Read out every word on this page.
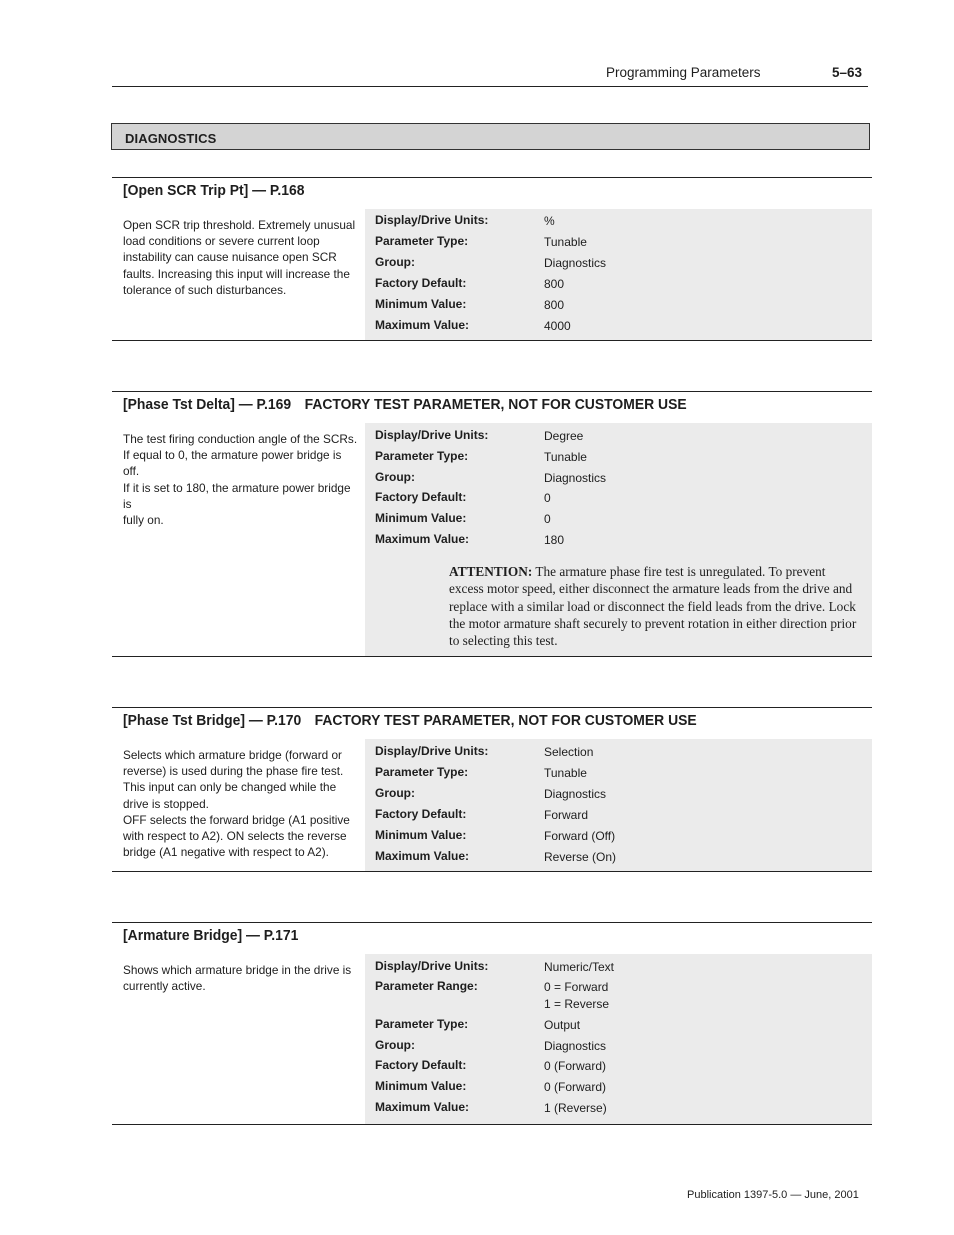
Programming Parameters	5–63
DIAGNOSTICS
[Open SCR Trip Pt] — P.168
Open SCR trip threshold. Extremely unusual
load conditions or severe current loop
instability can cause nuisance open SCR
faults. Increasing this input will increase the
tolerance of such disturbances.
Display/Drive Units:	%
Parameter Type:	Tunable
Group:	Diagnostics
Factory Default:	800
Minimum Value:	800
Maximum Value:	4000
[Phase Tst Delta] — P.169 FACTORY TEST PARAMETER, NOT FOR CUSTOMER USE
The test firing conduction angle of the SCRs.
If equal to 0, the armature power bridge is off.
If it is set to 180, the armature power bridge is
fully on.
Display/Drive Units:	Degree
Parameter Type:	Tunable
Group:	Diagnostics
Factory Default:	0
Minimum Value:	0
Maximum Value:	180
ATTENTION: The armature phase fire test is unregulated. To prevent excess motor speed, either disconnect the armature leads from the drive and replace with a similar load or disconnect the field leads from the drive. Lock the motor armature shaft securely to prevent rotation in either direction prior to selecting this test.
[Phase Tst Bridge] — P.170 FACTORY TEST PARAMETER, NOT FOR CUSTOMER USE
Selects which armature bridge (forward or
reverse) is used during the phase fire test.
This input can only be changed while the
drive is stopped.
OFF selects the forward bridge (A1 positive
with respect to A2). ON selects the reverse
bridge (A1 negative with respect to A2).
Display/Drive Units:	Selection
Parameter Type:	Tunable
Group:	Diagnostics
Factory Default:	Forward
Minimum Value:	Forward (Off)
Maximum Value:	Reverse (On)
[Armature Bridge] — P.171
Shows which armature bridge in the drive is
currently active.
Display/Drive Units:	Numeric/Text
Parameter Range:	0 = Forward
1 = Reverse
Parameter Type:	Output
Group:	Diagnostics
Factory Default:	0 (Forward)
Minimum Value:	0 (Forward)
Maximum Value:	1 (Reverse)
Publication 1397-5.0 — June, 2001
